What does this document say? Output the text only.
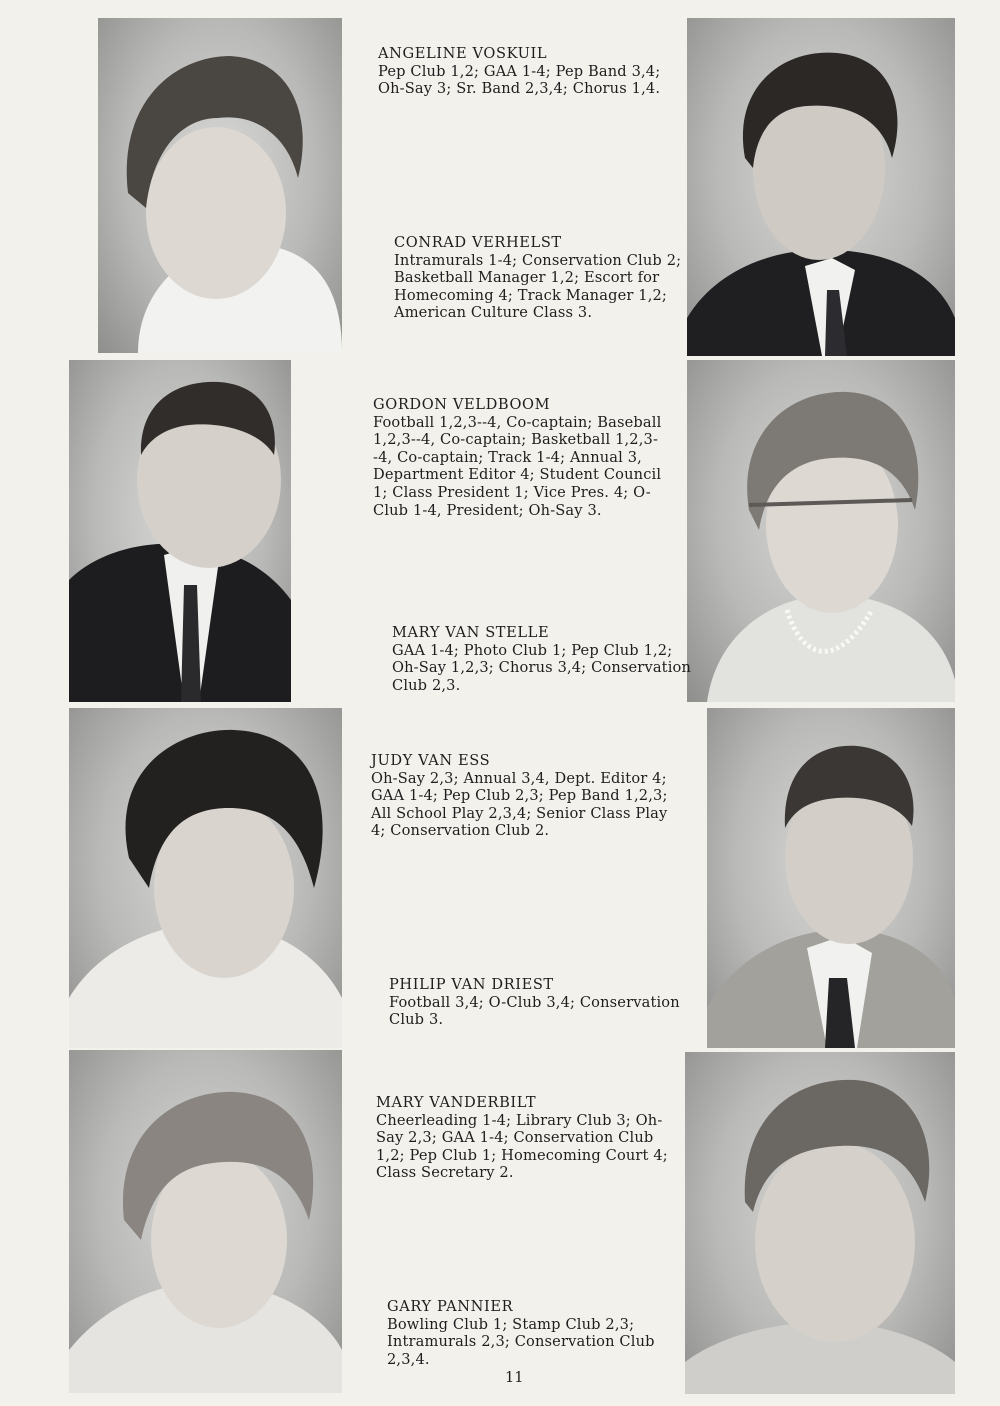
ANGELINE VOSKUIL
Pep Club 1,2; GAA 1-4; Pep Band 3,4; Oh-Say 3; Sr. Band 2,3,4; Chorus 1,4.
CONRAD VERHELST
Intramurals 1-4; Conservation Club 2; Basketball Manager 1,2; Escort for Homecoming 4; Track Manager 1,2; American Culture Class 3.
GORDON VELDBOOM
Football 1,2,3--4, Co-captain; Baseball 1,2,3--4, Co-captain; Basketball 1,2,3--4, Co-captain; Track 1-4; Annual 3, Department Editor 4; Student Council 1; Class President 1; Vice Pres. 4; O-Club 1-4, President; Oh-Say 3.
MARY VAN STELLE
GAA 1-4; Photo Club 1; Pep Club 1,2; Oh-Say 1,2,3; Chorus 3,4; Conservation Club 2,3.
JUDY VAN ESS
Oh-Say 2,3; Annual 3,4, Dept. Editor 4; GAA 1-4; Pep Club 2,3; Pep Band 1,2,3; All School Play 2,3,4; Senior Class Play 4; Conservation Club 2.
PHILIP VAN DRIEST
Football 3,4; O-Club 3,4; Conservation Club 3.
MARY VANDERBILT
Cheerleading 1-4; Library Club 3; Oh-Say 2,3; GAA 1-4; Conservation Club 1,2; Pep Club 1; Homecoming Court 4; Class Secretary 2.
GARY PANNIER
Bowling Club 1; Stamp Club 2,3; Intramurals 2,3; Conservation Club 2,3,4.
11
